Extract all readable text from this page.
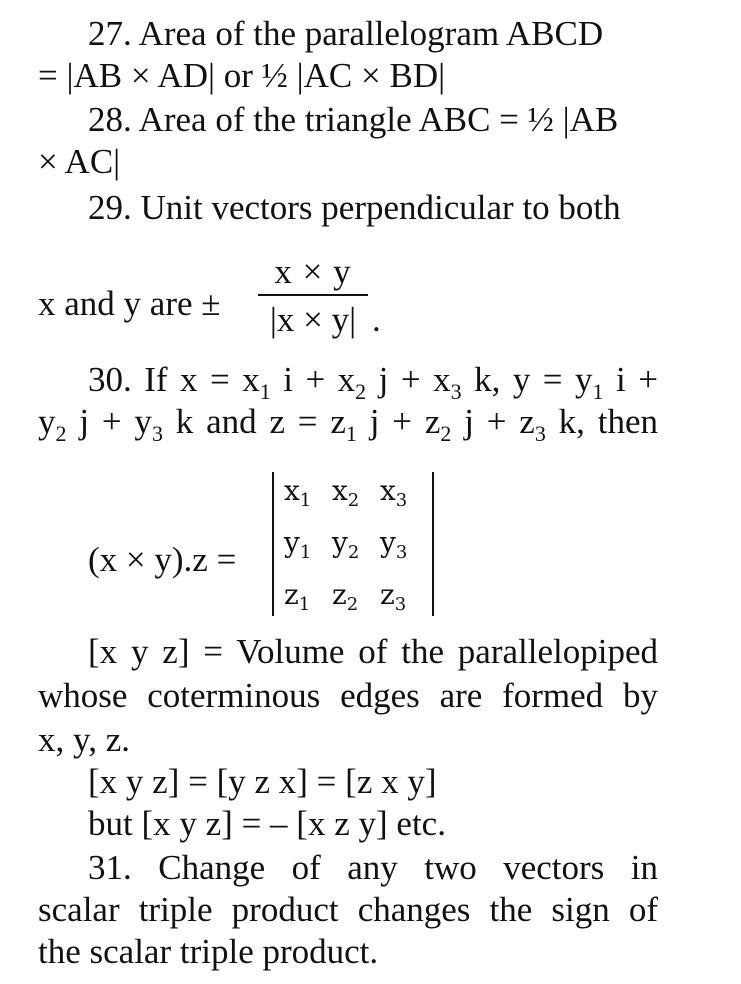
27. Area of the parallelogram ABCD
= |AB × AD| or ½ |AC × BD|
28. Area of the triangle ABC = ½ |AB
× AC|
29. Unit vectors perpendicular to both
x and y are ±
x × y
|x × y| .
30. If $x = x_1$ $i + x_2$ $j + x_3$ k, $y = y_1$ i +
$y_2$ $j + y_3$ k and $z = z_1$ $j + z_2$ $j + z_3$ k, then
(x × y).z =
$x_1$ $x_2$ $x_3$
$y_1$ $y_2$ $y_3$
$z_1$ $z_2$ $z_3$
[x y z] = Volume of the parallelopiped
whose coterminous edges are formed by
x, y, z.
[x y z] = [y z x] = [z x y]
but [x y z] = – [x z y] etc.
31. Change of any two vectors in
scalar triple product changes the sign of
the scalar triple product.
